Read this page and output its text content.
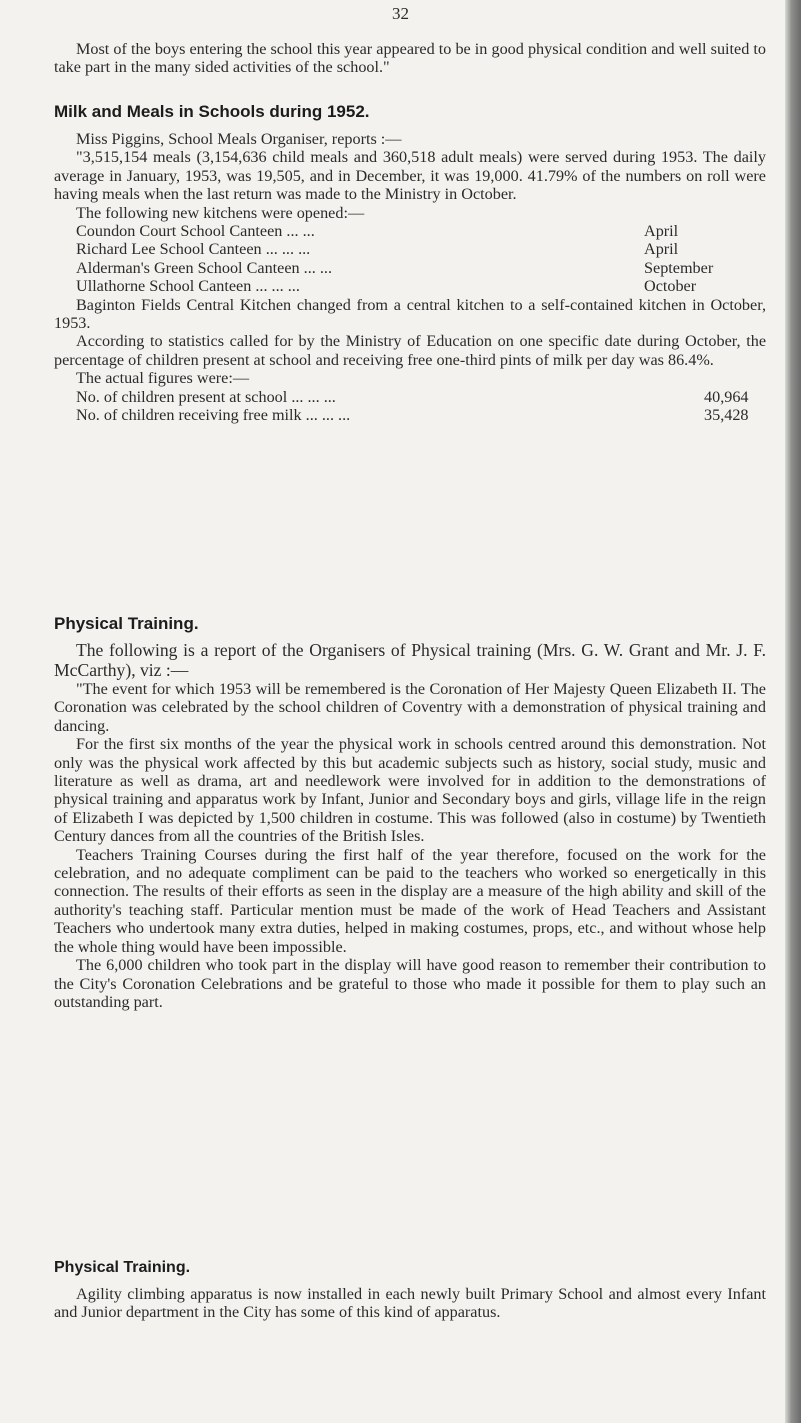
32

Most of the boys entering the school this year appeared to be in good physical condition and well suited to take part in the many sided activities of the school."

Milk and Meals in Schools during 1952.

Miss Piggins, School Meals Organiser, reports :—

"3,515,154 meals (3,154,636 child meals and 360,518 adult meals) were served during 1953. The daily average in January, 1953, was 19,505, and in December, it was 19,000. 41.79% of the numbers on roll were having meals when the last return was made to the Ministry in October.

The following new kitchens were opened:—

Coundon Court School Canteen ... ...	April
Richard Lee School Canteen ... ... ...	April
Alderman's Green School Canteen ... ...	September
Ullathorne School Canteen ... ... ...	October

Baginton Fields Central Kitchen changed from a central kitchen to a self-contained kitchen in October, 1953.

According to statistics called for by the Ministry of Education on one specific date during October, the percentage of children present at school and receiving free one-third pints of milk per day was 86.4%.

The actual figures were:—

No. of children present at school ... ... ...	40,964
No. of children receiving free milk ... ... ...	35,428
Physical Training.

The following is a report of the Organisers of Physical training (Mrs. G. W. Grant and Mr. J. F. McCarthy), viz :—

"The event for which 1953 will be remembered is the Coronation of Her Majesty Queen Elizabeth II. The Coronation was celebrated by the school children of Coventry with a demonstration of physical training and dancing.

For the first six months of the year the physical work in schools centred around this demonstration. Not only was the physical work affected by this but academic subjects such as history, social study, music and literature as well as drama, art and needlework were involved for in addition to the demonstrations of physical training and apparatus work by Infant, Junior and Secondary boys and girls, village life in the reign of Elizabeth I was depicted by 1,500 children in costume. This was followed (also in costume) by Twentieth Century dances from all the countries of the British Isles.

Teachers Training Courses during the first half of the year therefore, focused on the work for the celebration, and no adequate compliment can be paid to the teachers who worked so energetically in this connection. The results of their efforts as seen in the display are a measure of the high ability and skill of the authority's teaching staff. Particular mention must be made of the work of Head Teachers and Assistant Teachers who undertook many extra duties, helped in making costumes, props, etc., and without whose help the whole thing would have been impossible.

The 6,000 children who took part in the display will have good reason to remember their contribution to the City's Coronation Celebrations and be grateful to those who made it possible for them to play such an outstanding part.

Physical Training.

Agility climbing apparatus is now installed in each newly built Primary School and almost every Infant and Junior department in the City has some of this kind of apparatus.
